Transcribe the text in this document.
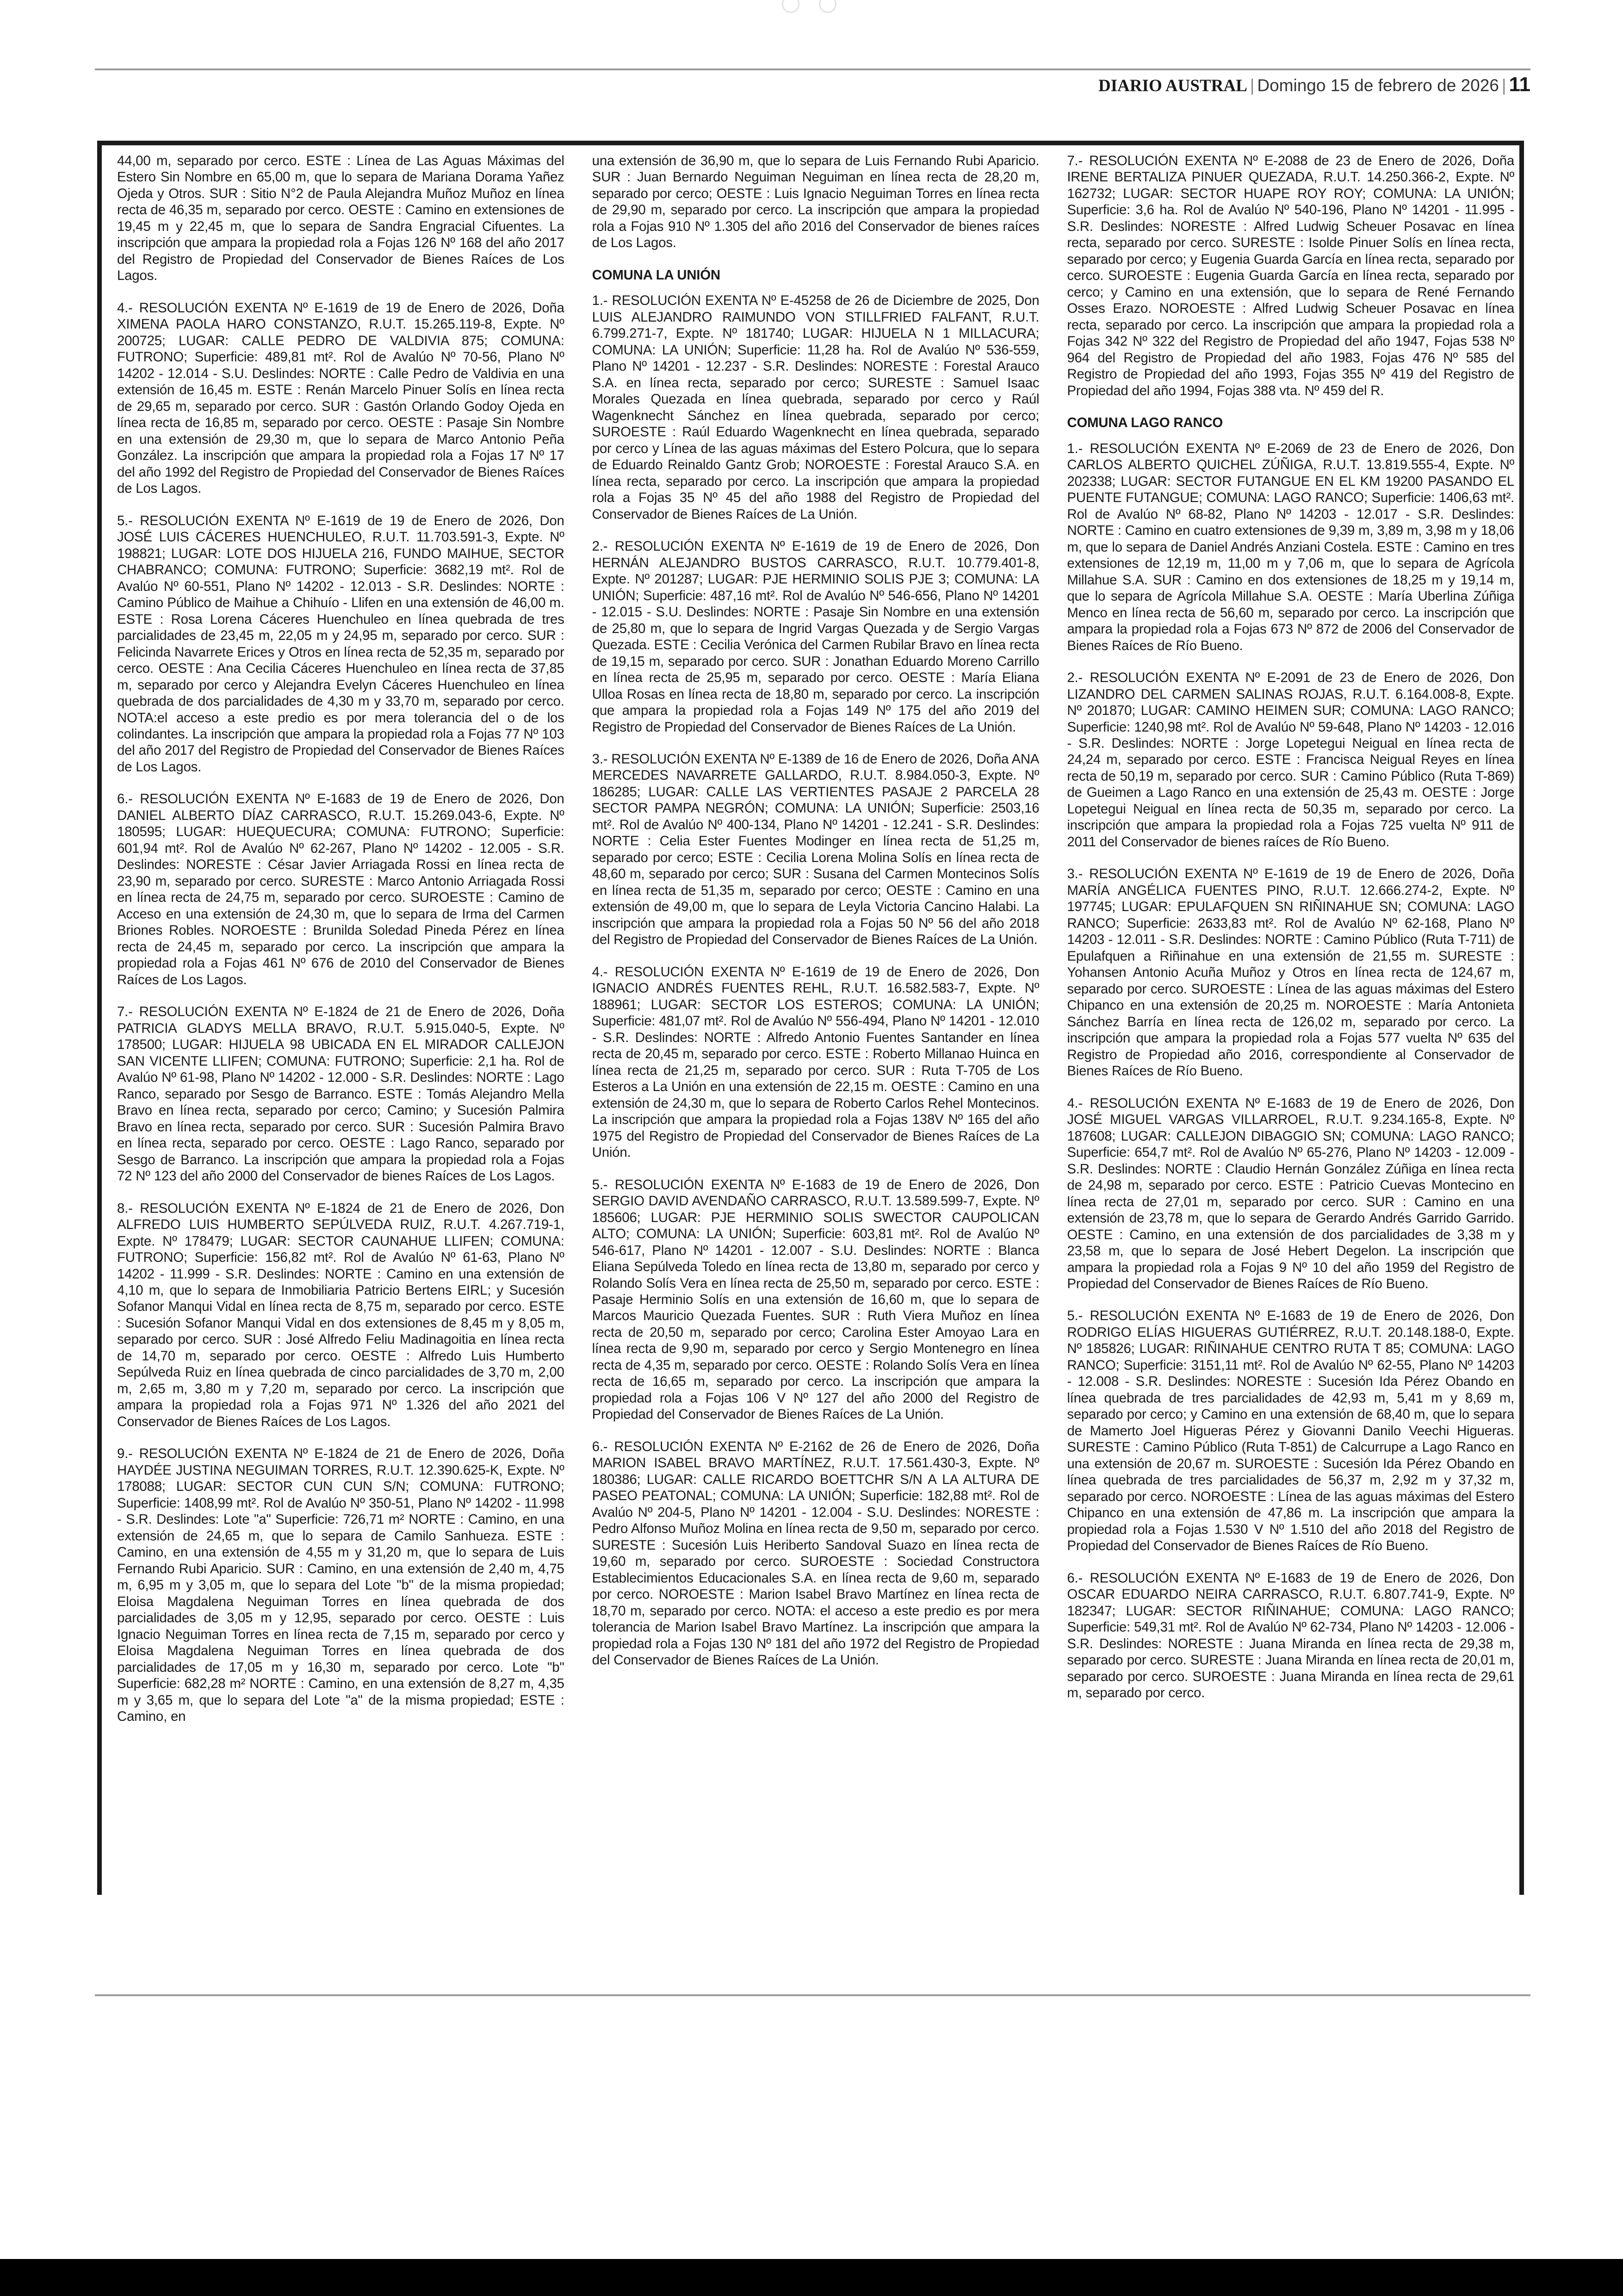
DIARIO AUSTRAL | Domingo 15 de febrero de 2026 | 11

44,00 m, separado por cerco. ESTE : Línea de Las Aguas Máximas del Estero Sin Nombre en 65,00 m, que lo separa de Mariana Dorama Yañez Ojeda y Otros. SUR : Sitio N°2 de Paula Alejandra Muñoz Muñoz en línea recta de 46,35 m, separado por cerco. OESTE : Camino en extensiones de 19,45 m y 22,45 m, que lo separa de Sandra Engracial Cifuentes. La inscripción que ampara la propiedad rola a Fojas 126 Nº 168 del año 2017 del Registro de Propiedad del Conservador de Bienes Raíces de Los Lagos.

4.- RESOLUCIÓN EXENTA Nº E-1619 de 19 de Enero de 2026, Doña XIMENA PAOLA HARO CONSTANZO, R.U.T. 15.265.119-8, Expte. Nº 200725; LUGAR: CALLE PEDRO DE VALDIVIA 875; COMUNA: FUTRONO; Superficie: 489,81 mt². Rol de Avalúo Nº 70-56, Plano Nº 14202 - 12.014 - S.U. Deslindes: NORTE : Calle Pedro de Valdivia en una extensión de 16,45 m. ESTE : Renán Marcelo Pinuer Solís en línea recta de 29,65 m, separado por cerco. SUR : Gastón Orlando Godoy Ojeda en línea recta de 16,85 m, separado por cerco. OESTE : Pasaje Sin Nombre en una extensión de 29,30 m, que lo separa de Marco Antonio Peña González. La inscripción que ampara la propiedad rola a Fojas 17 Nº 17 del año 1992 del Registro de Propiedad del Conservador de Bienes Raíces de Los Lagos.

5.- RESOLUCIÓN EXENTA Nº E-1619 de 19 de Enero de 2026, Don JOSÉ LUIS CÁCERES HUENCHULEO, R.U.T. 11.703.591-3, Expte. Nº 198821; LUGAR: LOTE DOS HIJUELA 216, FUNDO MAIHUE, SECTOR CHABRANCO; COMUNA: FUTRONO; Superficie: 3682,19 mt². Rol de Avalúo Nº 60-551, Plano Nº 14202 - 12.013 - S.R. Deslindes: NORTE : Camino Público de Maihue a Chihuío - Llifen en una extensión de 46,00 m. ESTE : Rosa Lorena Cáceres Huenchuleo en línea quebrada de tres parcialidades de 23,45 m, 22,05 m y 24,95 m, separado por cerco. SUR : Felicinda Navarrete Erices y Otros en línea recta de 52,35 m, separado por cerco. OESTE : Ana Cecilia Cáceres Huenchuleo en línea recta de 37,85 m, separado por cerco y Alejandra Evelyn Cáceres Huenchuleo en línea quebrada de dos parcialidades de 4,30 m y 33,70 m, separado por cerco. NOTA:el acceso a este predio es por mera tolerancia del o de los colindantes. La inscripción que ampara la propiedad rola a Fojas 77 Nº 103 del año 2017 del Registro de Propiedad del Conservador de Bienes Raíces de Los Lagos.

6.- RESOLUCIÓN EXENTA Nº E-1683 de 19 de Enero de 2026, Don DANIEL ALBERTO DÍAZ CARRASCO, R.U.T. 15.269.043-6, Expte. Nº 180595; LUGAR: HUEQUECURA; COMUNA: FUTRONO; Superficie: 601,94 mt². Rol de Avalúo Nº 62-267, Plano Nº 14202 - 12.005 - S.R. Deslindes: NORESTE : César Javier Arriagada Rossi en línea recta de 23,90 m, separado por cerco. SURESTE : Marco Antonio Arriagada Rossi en línea recta de 24,75 m, separado por cerco. SUROESTE : Camino de Acceso en una extensión de 24,30 m, que lo separa de Irma del Carmen Briones Robles. NOROESTE : Brunilda Soledad Pineda Pérez en línea recta de 24,45 m, separado por cerco. La inscripción que ampara la propiedad rola a Fojas 461 Nº 676 de 2010 del Conservador de Bienes Raíces de Los Lagos.

7.- RESOLUCIÓN EXENTA Nº E-1824 de 21 de Enero de 2026, Doña PATRICIA GLADYS MELLA BRAVO, R.U.T. 5.915.040-5, Expte. Nº 178500; LUGAR: HIJUELA 98 UBICADA EN EL MIRADOR CALLEJON SAN VICENTE LLIFEN; COMUNA: FUTRONO; Superficie: 2,1 ha. Rol de Avalúo Nº 61-98, Plano Nº 14202 - 12.000 - S.R. Deslindes: NORTE : Lago Ranco, separado por Sesgo de Barranco. ESTE : Tomás Alejandro Mella Bravo en línea recta, separado por cerco; Camino; y Sucesión Palmira Bravo en línea recta, separado por cerco. SUR : Sucesión Palmira Bravo en línea recta, separado por cerco. OESTE : Lago Ranco, separado por Sesgo de Barranco. La inscripción que ampara la propiedad rola a Fojas 72 Nº 123 del año 2000 del Conservador de bienes Raíces de Los Lagos.

8.- RESOLUCIÓN EXENTA Nº E-1824 de 21 de Enero de 2026, Don ALFREDO LUIS HUMBERTO SEPÚLVEDA RUIZ, R.U.T. 4.267.719-1, Expte. Nº 178479; LUGAR: SECTOR CAUNAHUE LLIFEN; COMUNA: FUTRONO; Superficie: 156,82 mt². Rol de Avalúo Nº 61-63, Plano Nº 14202 - 11.999 - S.R. Deslindes: NORTE : Camino en una extensión de 4,10 m, que lo separa de Inmobiliaria Patricio Bertens EIRL; y Sucesión Sofanor Manqui Vidal en línea recta de 8,75 m, separado por cerco. ESTE : Sucesión Sofanor Manqui Vidal en dos extensiones de 8,45 m y 8,05 m, separado por cerco. SUR : José Alfredo Feliu Madinagoitia en línea recta de 14,70 m, separado por cerco. OESTE : Alfredo Luis Humberto Sepúlveda Ruiz en línea quebrada de cinco parcialidades de 3,70 m, 2,00 m, 2,65 m, 3,80 m y 7,20 m, separado por cerco. La inscripción que ampara la propiedad rola a Fojas 971 Nº 1.326 del año 2021 del Conservador de Bienes Raíces de Los Lagos.

9.- RESOLUCIÓN EXENTA Nº E-1824 de 21 de Enero de 2026, Doña HAYDÉE JUSTINA NEGUIMAN TORRES, R.U.T. 12.390.625-K, Expte. Nº 178088; LUGAR: SECTOR CUN CUN S/N; COMUNA: FUTRONO; Superficie: 1408,99 mt². Rol de Avalúo Nº 350-51, Plano Nº 14202 - 11.998 - S.R. Deslindes: Lote "a" Superficie: 726,71 m² NORTE : Camino, en una extensión de 24,65 m, que lo separa de Camilo Sanhueza. ESTE : Camino, en una extensión de 4,55 m y 31,20 m, que lo separa de Luis Fernando Rubi Aparicio. SUR : Camino, en una extensión de 2,40 m, 4,75 m, 6,95 m y 3,05 m, que lo separa del Lote "b" de la misma propiedad; Eloisa Magdalena Neguiman Torres en línea quebrada de dos parcialidades de 3,05 m y 12,95, separado por cerco. OESTE : Luis Ignacio Neguiman Torres en línea recta de 7,15 m, separado por cerco y Eloisa Magdalena Neguiman Torres en línea quebrada de dos parcialidades de 17,05 m y 16,30 m, separado por cerco. Lote "b" Superficie: 682,28 m² NORTE : Camino, en una extensión de 8,27 m, 4,35 m y 3,65 m, que lo separa del Lote "a" de la misma propiedad; ESTE : Camino, en

una extensión de 36,90 m, que lo separa de Luis Fernando Rubi Aparicio. SUR : Juan Bernardo Neguiman Neguiman en línea recta de 28,20 m, separado por cerco; OESTE : Luis Ignacio Neguiman Torres en línea recta de 29,90 m, separado por cerco. La inscripción que ampara la propiedad rola a Fojas 910 Nº 1.305 del año 2016 del Conservador de bienes raíces de Los Lagos.

COMUNA LA UNIÓN

1.- RESOLUCIÓN EXENTA Nº E-45258 de 26 de Diciembre de 2025, Don LUIS ALEJANDRO RAIMUNDO VON STILLFRIED FALFANT, R.U.T. 6.799.271-7, Expte. Nº 181740; LUGAR: HIJUELA N 1 MILLACURA; COMUNA: LA UNIÓN; Superficie: 11,28 ha. Rol de Avalúo Nº 536-559, Plano Nº 14201 - 12.237 - S.R. Deslindes: NORESTE : Forestal Arauco S.A. en línea recta, separado por cerco; SURESTE : Samuel Isaac Morales Quezada en línea quebrada, separado por cerco y Raúl Wagenknecht Sánchez en línea quebrada, separado por cerco; SUROESTE : Raúl Eduardo Wagenknecht en línea quebrada, separado por cerco y Línea de las aguas máximas del Estero Polcura, que lo separa de Eduardo Reinaldo Gantz Grob; NOROESTE : Forestal Arauco S.A. en línea recta, separado por cerco. La inscripción que ampara la propiedad rola a Fojas 35 Nº 45 del año 1988 del Registro de Propiedad del Conservador de Bienes Raíces de La Unión.

2.- RESOLUCIÓN EXENTA Nº E-1619 de 19 de Enero de 2026, Don HERNÁN ALEJANDRO BUSTOS CARRASCO, R.U.T. 10.779.401-8, Expte. Nº 201287; LUGAR: PJE HERMINIO SOLIS PJE 3; COMUNA: LA UNIÓN; Superficie: 487,16 mt². Rol de Avalúo Nº 546-656, Plano Nº 14201 - 12.015 - S.U. Deslindes: NORTE : Pasaje Sin Nombre en una extensión de 25,80 m, que lo separa de Ingrid Vargas Quezada y de Sergio Vargas Quezada. ESTE : Cecilia Verónica del Carmen Rubilar Bravo en línea recta de 19,15 m, separado por cerco. SUR : Jonathan Eduardo Moreno Carrillo en línea recta de 25,95 m, separado por cerco. OESTE : María Eliana Ulloa Rosas en línea recta de 18,80 m, separado por cerco. La inscripción que ampara la propiedad rola a Fojas 149 Nº 175 del año 2019 del Registro de Propiedad del Conservador de Bienes Raíces de La Unión.

3.- RESOLUCIÓN EXENTA Nº E-1389 de 16 de Enero de 2026, Doña ANA MERCEDES NAVARRETE GALLARDO, R.U.T. 8.984.050-3, Expte. Nº 186285; LUGAR: CALLE LAS VERTIENTES PASAJE 2 PARCELA 28 SECTOR PAMPA NEGRÓN; COMUNA: LA UNIÓN; Superficie: 2503,16 mt². Rol de Avalúo Nº 400-134, Plano Nº 14201 - 12.241 - S.R. Deslindes: NORTE : Celia Ester Fuentes Modinger en línea recta de 51,25 m, separado por cerco; ESTE : Cecilia Lorena Molina Solís en línea recta de 48,60 m, separado por cerco; SUR : Susana del Carmen Montecinos Solís en línea recta de 51,35 m, separado por cerco; OESTE : Camino en una extensión de 49,00 m, que lo separa de Leyla Victoria Cancino Halabi. La inscripción que ampara la propiedad rola a Fojas 50 Nº 56 del año 2018 del Registro de Propiedad del Conservador de Bienes Raíces de La Unión.

4.- RESOLUCIÓN EXENTA Nº E-1619 de 19 de Enero de 2026, Don IGNACIO ANDRÉS FUENTES REHL, R.U.T. 16.582.583-7, Expte. Nº 188961; LUGAR: SECTOR LOS ESTEROS; COMUNA: LA UNIÓN; Superficie: 481,07 mt². Rol de Avalúo Nº 556-494, Plano Nº 14201 - 12.010 - S.R. Deslindes: NORTE : Alfredo Antonio Fuentes Santander en línea recta de 20,45 m, separado por cerco. ESTE : Roberto Millanao Huinca en línea recta de 21,25 m, separado por cerco. SUR : Ruta T-705 de Los Esteros a La Unión en una extensión de 22,15 m. OESTE : Camino en una extensión de 24,30 m, que lo separa de Roberto Carlos Rehel Montecinos. La inscripción que ampara la propiedad rola a Fojas 138V Nº 165 del año 1975 del Registro de Propiedad del Conservador de Bienes Raíces de La Unión.

5.- RESOLUCIÓN EXENTA Nº E-1683 de 19 de Enero de 2026, Don SERGIO DAVID AVENDAÑO CARRASCO, R.U.T. 13.589.599-7, Expte. Nº 185606; LUGAR: PJE HERMINIO SOLIS SWECTOR CAUPOLICAN ALTO; COMUNA: LA UNIÓN; Superficie: 603,81 mt². Rol de Avalúo Nº 546-617, Plano Nº 14201 - 12.007 - S.U. Deslindes: NORTE : Blanca Eliana Sepúlveda Toledo en línea recta de 13,80 m, separado por cerco y Rolando Solís Vera en línea recta de 25,50 m, separado por cerco. ESTE : Pasaje Herminio Solís en una extensión de 16,60 m, que lo separa de Marcos Mauricio Quezada Fuentes. SUR : Ruth Viera Muñoz en línea recta de 20,50 m, separado por cerco; Carolina Ester Amoyao Lara en línea recta de 9,90 m, separado por cerco y Sergio Montenegro en línea recta de 4,35 m, separado por cerco. OESTE : Rolando Solís Vera en línea recta de 16,65 m, separado por cerco. La inscripción que ampara la propiedad rola a Fojas 106 V Nº 127 del año 2000 del Registro de Propiedad del Conservador de Bienes Raíces de La Unión.

6.- RESOLUCIÓN EXENTA Nº E-2162 de 26 de Enero de 2026, Doña MARION ISABEL BRAVO MARTÍNEZ, R.U.T. 17.561.430-3, Expte. Nº 180386; LUGAR: CALLE RICARDO BOETTCHR S/N A LA ALTURA DE PASEO PEATONAL; COMUNA: LA UNIÓN; Superficie: 182,88 mt². Rol de Avalúo Nº 204-5, Plano Nº 14201 - 12.004 - S.U. Deslindes: NORESTE : Pedro Alfonso Muñoz Molina en línea recta de 9,50 m, separado por cerco. SURESTE : Sucesión Luis Heriberto Sandoval Suazo en línea recta de 19,60 m, separado por cerco. SUROESTE : Sociedad Constructora Establecimientos Educacionales S.A. en línea recta de 9,60 m, separado por cerco. NOROESTE : Marion Isabel Bravo Martínez en línea recta de 18,70 m, separado por cerco. NOTA: el acceso a este predio es por mera tolerancia de Marion Isabel Bravo Martínez. La inscripción que ampara la propiedad rola a Fojas 130 Nº 181 del año 1972 del Registro de Propiedad del Conservador de Bienes Raíces de La Unión.

7.- RESOLUCIÓN EXENTA Nº E-2088 de 23 de Enero de 2026, Doña IRENE BERTALIZA PINUER QUEZADA, R.U.T. 14.250.366-2, Expte. Nº 162732; LUGAR: SECTOR HUAPE ROY ROY; COMUNA: LA UNIÓN; Superficie: 3,6 ha. Rol de Avalúo Nº 540-196, Plano Nº 14201 - 11.995 - S.R. Deslindes: NORESTE : Alfred Ludwig Scheuer Posavac en línea recta, separado por cerco. SURESTE : Isolde Pinuer Solís en línea recta, separado por cerco; y Eugenia Guarda García en línea recta, separado por cerco. SUROESTE : Eugenia Guarda García en línea recta, separado por cerco; y Camino en una extensión, que lo separa de René Fernando Osses Erazo. NOROESTE : Alfred Ludwig Scheuer Posavac en línea recta, separado por cerco. La inscripción que ampara la propiedad rola a Fojas 342 Nº 322 del Registro de Propiedad del año 1947, Fojas 538 Nº 964 del Registro de Propiedad del año 1983, Fojas 476 Nº 585 del Registro de Propiedad del año 1993, Fojas 355 Nº 419 del Registro de Propiedad del año 1994, Fojas 388 vta. Nº 459 del R.

COMUNA LAGO RANCO

1.- RESOLUCIÓN EXENTA Nº E-2069 de 23 de Enero de 2026, Don CARLOS ALBERTO QUICHEL ZÚÑIGA, R.U.T. 13.819.555-4, Expte. Nº 202338; LUGAR: SECTOR FUTANGUE EN EL KM 19200 PASANDO EL PUENTE FUTANGUE; COMUNA: LAGO RANCO; Superficie: 1406,63 mt². Rol de Avalúo Nº 68-82, Plano Nº 14203 - 12.017 - S.R. Deslindes: NORTE : Camino en cuatro extensiones de 9,39 m, 3,89 m, 3,98 m y 18,06 m, que lo separa de Daniel Andrés Anziani Costela. ESTE : Camino en tres extensiones de 12,19 m, 11,00 m y 7,06 m, que lo separa de Agrícola Millahue S.A. SUR : Camino en dos extensiones de 18,25 m y 19,14 m, que lo separa de Agrícola Millahue S.A. OESTE : María Uberlina Zúñiga Menco en línea recta de 56,60 m, separado por cerco. La inscripción que ampara la propiedad rola a Fojas 673 Nº 872 de 2006 del Conservador de Bienes Raíces de Río Bueno.

2.- RESOLUCIÓN EXENTA Nº E-2091 de 23 de Enero de 2026, Don LIZANDRO DEL CARMEN SALINAS ROJAS, R.U.T. 6.164.008-8, Expte. Nº 201870; LUGAR: CAMINO HEIMEN SUR; COMUNA: LAGO RANCO; Superficie: 1240,98 mt². Rol de Avalúo Nº 59-648, Plano Nº 14203 - 12.016 - S.R. Deslindes: NORTE : Jorge Lopetegui Neigual en línea recta de 24,24 m, separado por cerco. ESTE : Francisca Neigual Reyes en línea recta de 50,19 m, separado por cerco. SUR : Camino Público (Ruta T-869) de Gueimen a Lago Ranco en una extensión de 25,43 m. OESTE : Jorge Lopetegui Neigual en línea recta de 50,35 m, separado por cerco. La inscripción que ampara la propiedad rola a Fojas 725 vuelta Nº 911 de 2011 del Conservador de bienes raíces de Río Bueno.

3.- RESOLUCIÓN EXENTA Nº E-1619 de 19 de Enero de 2026, Doña MARÍA ANGÉLICA FUENTES PINO, R.U.T. 12.666.274-2, Expte. Nº 197745; LUGAR: EPULAFQUEN SN RIÑINAHUE SN; COMUNA: LAGO RANCO; Superficie: 2633,83 mt². Rol de Avalúo Nº 62-168, Plano Nº 14203 - 12.011 - S.R. Deslindes: NORTE : Camino Público (Ruta T-711) de Epulafquen a Riñinahue en una extensión de 21,55 m. SURESTE : Yohansen Antonio Acuña Muñoz y Otros en línea recta de 124,67 m, separado por cerco. SUROESTE : Línea de las aguas máximas del Estero Chipanco en una extensión de 20,25 m. NOROESTE : María Antonieta Sánchez Barría en línea recta de 126,02 m, separado por cerco. La inscripción que ampara la propiedad rola a Fojas 577 vuelta Nº 635 del Registro de Propiedad año 2016, correspondiente al Conservador de Bienes Raíces de Río Bueno.

4.- RESOLUCIÓN EXENTA Nº E-1683 de 19 de Enero de 2026, Don JOSÉ MIGUEL VARGAS VILLARROEL, R.U.T. 9.234.165-8, Expte. Nº 187608; LUGAR: CALLEJON DIBAGGIO SN; COMUNA: LAGO RANCO; Superficie: 654,7 mt². Rol de Avalúo Nº 65-276, Plano Nº 14203 - 12.009 - S.R. Deslindes: NORTE : Claudio Hernán González Zúñiga en línea recta de 24,98 m, separado por cerco. ESTE : Patricio Cuevas Montecino en línea recta de 27,01 m, separado por cerco. SUR : Camino en una extensión de 23,78 m, que lo separa de Gerardo Andrés Garrido Garrido. OESTE : Camino, en una extensión de dos parcialidades de 3,38 m y 23,58 m, que lo separa de José Hebert Degelon. La inscripción que ampara la propiedad rola a Fojas 9 Nº 10 del año 1959 del Registro de Propiedad del Conservador de Bienes Raíces de Río Bueno.

5.- RESOLUCIÓN EXENTA Nº E-1683 de 19 de Enero de 2026, Don RODRIGO ELÍAS HIGUERAS GUTIÉRREZ, R.U.T. 20.148.188-0, Expte. Nº 185826; LUGAR: RIÑINAHUE CENTRO RUTA T 85; COMUNA: LAGO RANCO; Superficie: 3151,11 mt². Rol de Avalúo Nº 62-55, Plano Nº 14203 - 12.008 - S.R. Deslindes: NORESTE : Sucesión Ida Pérez Obando en línea quebrada de tres parcialidades de 42,93 m, 5,41 m y 8,69 m, separado por cerco; y Camino en una extensión de 68,40 m, que lo separa de Mamerto Joel Higueras Pérez y Giovanni Danilo Veechi Higueras. SURESTE : Camino Público (Ruta T-851) de Calcurrupe a Lago Ranco en una extensión de 20,67 m. SUROESTE : Sucesión Ida Pérez Obando en línea quebrada de tres parcialidades de 56,37 m, 2,92 m y 37,32 m, separado por cerco. NOROESTE : Línea de las aguas máximas del Estero Chipanco en una extensión de 47,86 m. La inscripción que ampara la propiedad rola a Fojas 1.530 V Nº 1.510 del año 2018 del Registro de Propiedad del Conservador de Bienes Raíces de Río Bueno.

6.- RESOLUCIÓN EXENTA Nº E-1683 de 19 de Enero de 2026, Don OSCAR EDUARDO NEIRA CARRASCO, R.U.T. 6.807.741-9, Expte. Nº 182347; LUGAR: SECTOR RIÑINAHUE; COMUNA: LAGO RANCO; Superficie: 549,31 mt². Rol de Avalúo Nº 62-734, Plano Nº 14203 - 12.006 - S.R. Deslindes: NORESTE : Juana Miranda en línea recta de 29,38 m, separado por cerco. SURESTE : Juana Miranda en línea recta de 20,01 m, separado por cerco. SUROESTE : Juana Miranda en línea recta de 29,61 m, separado por cerco.
